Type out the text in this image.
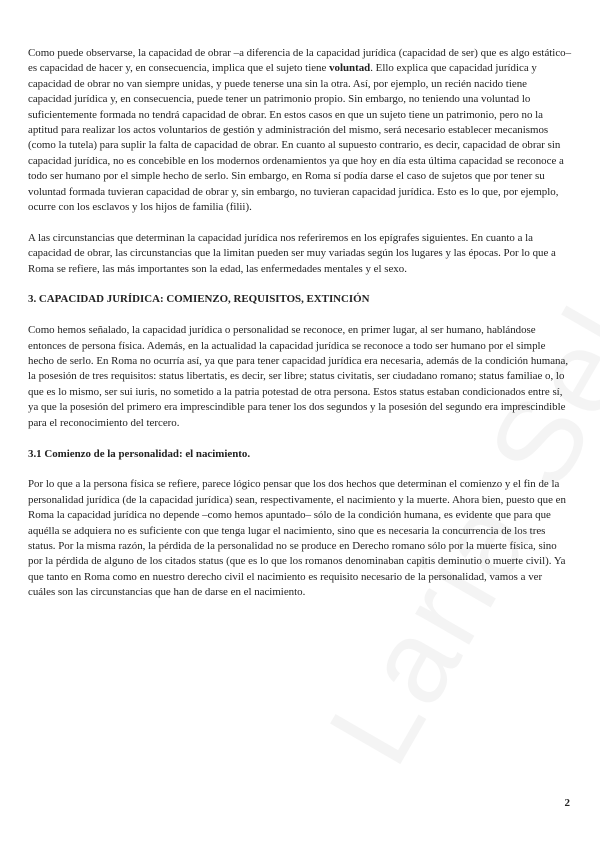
Como puede observarse, la capacidad de obrar –a diferencia de la capacidad jurídica (capacidad de ser) que es algo estático– es capacidad de hacer y, en consecuencia, implica que el sujeto tiene voluntad. Ello explica que capacidad jurídica y capacidad de obrar no van siempre unidas, y puede tenerse una sin la otra. Así, por ejemplo, un recién nacido tiene capacidad jurídica y, en consecuencia, puede tener un patrimonio propio. Sin embargo, no teniendo una voluntad lo suficientemente formada no tendrá capacidad de obrar. En estos casos en que un sujeto tiene un patrimonio, pero no la aptitud para realizar los actos voluntarios de gestión y administración del mismo, será necesario establecer mecanismos (como la tutela) para suplir la falta de capacidad de obrar. En cuanto al supuesto contrario, es decir, capacidad de obrar sin capacidad jurídica, no es concebible en los modernos ordenamientos ya que hoy en día esta última capacidad se reconoce a todo ser humano por el simple hecho de serlo. Sin embargo, en Roma sí podía darse el caso de sujetos que por tener su voluntad formada tuvieran capacidad de obrar y, sin embargo, no tuvieran capacidad jurídica. Esto es lo que, por ejemplo, ocurre con los esclavos y los hijos de familia (filii).

A las circunstancias que determinan la capacidad jurídica nos referiremos en los epígrafes siguientes. En cuanto a la capacidad de obrar, las circunstancias que la limitan pueden ser muy variadas según los lugares y las épocas. Por lo que a Roma se refiere, las más importantes son la edad, las enfermedades mentales y el sexo.

3. CAPACIDAD JURÍDICA: COMIENZO, REQUISITOS, EXTINCIÓN

Como hemos señalado, la capacidad jurídica o personalidad se reconoce, en primer lugar, al ser humano, hablándose entonces de persona física. Además, en la actualidad la capacidad jurídica se reconoce a todo ser humano por el simple hecho de serlo. En Roma no ocurría así, ya que para tener capacidad jurídica era necesaria, además de la condición humana, la posesión de tres requisitos: status libertatis, es decir, ser libre; status civitatis, ser ciudadano romano; status familiae o, lo que es lo mismo, ser sui iuris, no sometido a la patria potestad de otra persona. Estos status estaban condicionados entre sí, ya que la posesión del primero era imprescindible para tener los dos segundos y la posesión del segundo era imprescindible para el reconocimiento del tercero.

3.1 Comienzo de la personalidad: el nacimiento.

Por lo que a la persona física se refiere, parece lógico pensar que los dos hechos que determinan el comienzo y el fin de la personalidad jurídica (de la capacidad jurídica) sean, respectivamente, el nacimiento y la muerte. Ahora bien, puesto que en Roma la capacidad jurídica no depende –como hemos apuntado– sólo de la condición humana, es evidente que para que aquélla se adquiera no es suficiente con que tenga lugar el nacimiento, sino que es necesaria la concurrencia de los tres status. Por la misma razón, la pérdida de la personalidad no se produce en Derecho romano sólo por la muerte física, sino por la pérdida de alguno de los citados status (que es lo que los romanos denominaban capitis deminutio o muerte civil). Ya que tanto en Roma como en nuestro derecho civil el nacimiento es requisito necesario de la personalidad, vamos a ver cuáles son las circunstancias que han de darse en el nacimiento.

2
